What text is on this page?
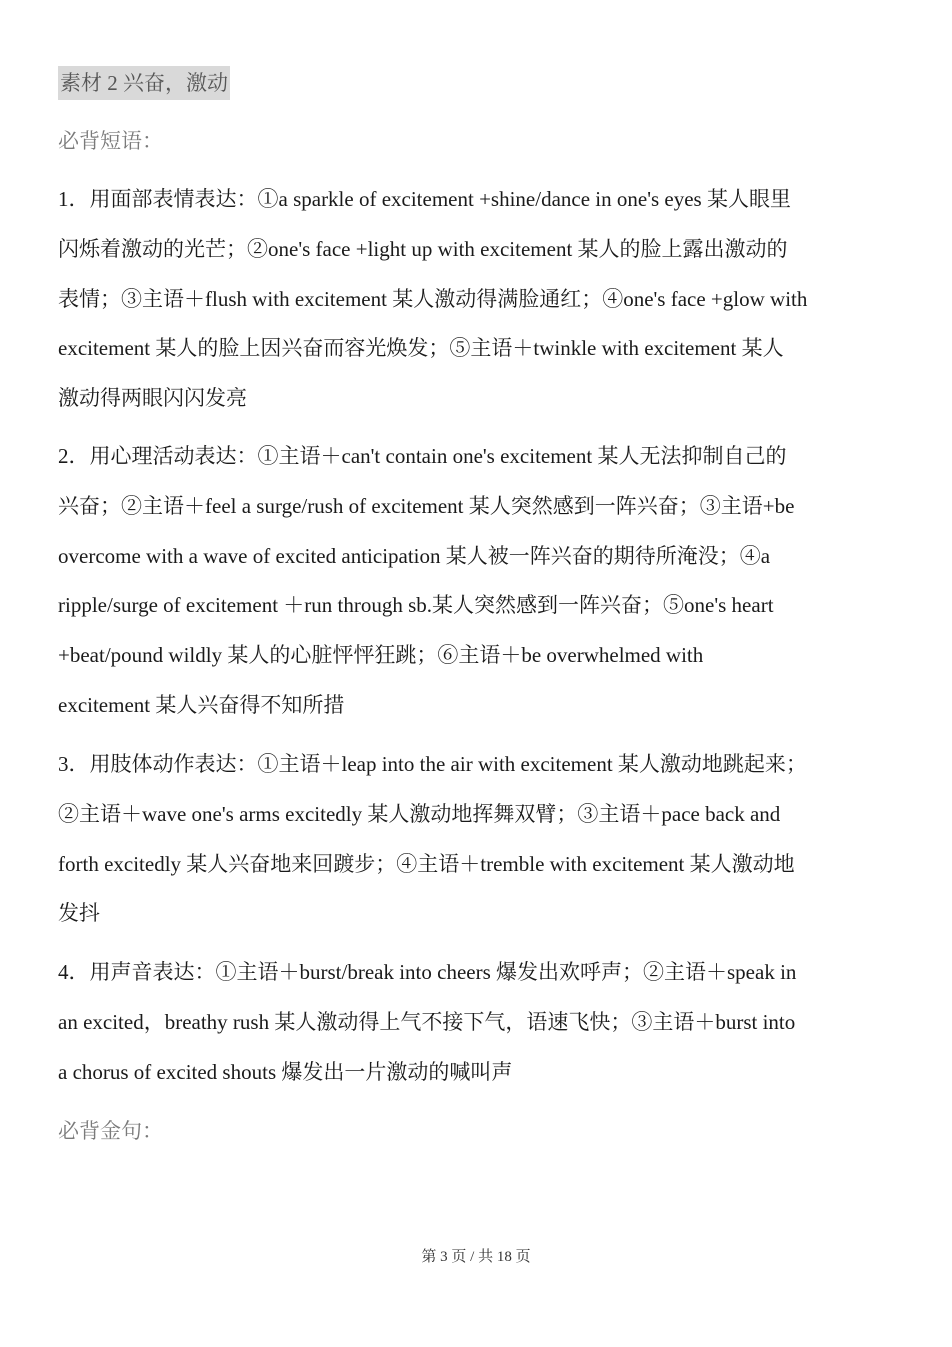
素材 2 兴奋，激动
必背短语：
1．用面部表情表达：①a sparkle of excitement +shine/dance in one's eyes 某人眼里
闪烁着激动的光芒；②one's face +light up with excitement 某人的脸上露出激动的
表情；③主语＋flush with excitement 某人激动得满脸通红；④one's face +glow with
excitement 某人的脸上因兴奋而容光焕发；⑤主语＋twinkle with excitement 某人
激动得两眼闪闪发亮
2．用心理活动表达：①主语＋can't contain one's excitement 某人无法抑制自己的
兴奋；②主语＋feel a surge/rush of excitement 某人突然感到一阵兴奋；③主语+be
overcome with a wave of excited anticipation 某人被一阵兴奋的期待所淹没；④a
ripple/surge of excitement ＋run through sb.某人突然感到一阵兴奋；⑤one's heart
+beat/pound wildly 某人的心脏怦怦狂跳；⑥主语＋be overwhelmed with
excitement 某人兴奋得不知所措
3．用肢体动作表达：①主语＋leap into the air with excitement 某人激动地跳起来；
②主语＋wave one's arms excitedly 某人激动地挥舞双臂；③主语＋pace back and
forth excitedly 某人兴奋地来回踱步；④主语＋tremble with excitement 某人激动地
发抖
4．用声音表达：①主语＋burst/break into cheers 爆发出欢呼声；②主语＋speak in
an excited，breathy rush 某人激动得上气不接下气，语速飞快；③主语＋burst into
a chorus of excited shouts 爆发出一片激动的喊叫声
必背金句：
第 3 页 / 共 18 页
